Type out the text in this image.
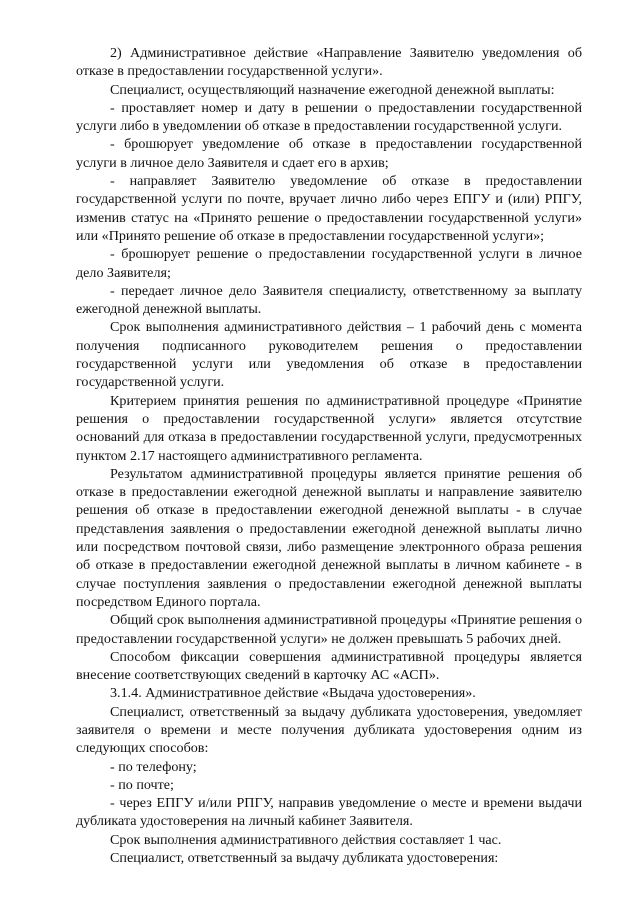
2) Административное действие «Направление Заявителю уведомления об отказе в предоставлении государственной услуги».

Специалист, осуществляющий назначение ежегодной денежной выплаты:

- проставляет номер и дату в решении о предоставлении государственной услуги либо в уведомлении об отказе в предоставлении государственной услуги.

- брошюрует уведомление об отказе в предоставлении государственной услуги в личное дело Заявителя и сдает его в архив;

- направляет Заявителю уведомление об отказе в предоставлении государственной услуги по почте, вручает лично либо через ЕПГУ и (или) РПГУ, изменив статус на «Принято решение о предоставлении государственной услуги» или «Принято решение об отказе в предоставлении государственной услуги»;

- брошюрует решение о предоставлении государственной услуги в личное дело Заявителя;

- передает личное дело Заявителя специалисту, ответственному за выплату ежегодной денежной выплаты.

Срок выполнения административного действия – 1 рабочий день с момента получения подписанного руководителем решения о предоставлении государственной услуги или уведомления об отказе в предоставлении государственной услуги.

Критерием принятия решения по административной процедуре «Принятие решения о предоставлении государственной услуги» является отсутствие оснований для отказа в предоставлении государственной услуги, предусмотренных пунктом 2.17 настоящего административного регламента.

Результатом административной процедуры является принятие решения об отказе в предоставлении ежегодной денежной выплаты и направление заявителю решения об отказе в предоставлении ежегодной денежной выплаты - в случае представления заявления о предоставлении ежегодной денежной выплаты лично или посредством почтовой связи, либо размещение электронного образа решения об отказе в предоставлении ежегодной денежной выплаты в личном кабинете - в случае поступления заявления о предоставлении ежегодной денежной выплаты посредством Единого портала.

Общий срок выполнения административной процедуры «Принятие решения о предоставлении государственной услуги» не должен превышать 5 рабочих дней.

Способом фиксации совершения административной процедуры является внесение соответствующих сведений в карточку АС «АСП».

3.1.4. Административное действие «Выдача удостоверения».

Специалист, ответственный за выдачу дубликата удостоверения, уведомляет заявителя о времени и месте получения дубликата удостоверения одним из следующих способов:

- по телефону;

- по почте;

- через ЕПГУ и/или РПГУ, направив уведомление о месте и времени выдачи дубликата удостоверения на личный кабинет Заявителя.

Срок выполнения административного действия составляет 1 час.

Специалист, ответственный за выдачу дубликата удостоверения:
